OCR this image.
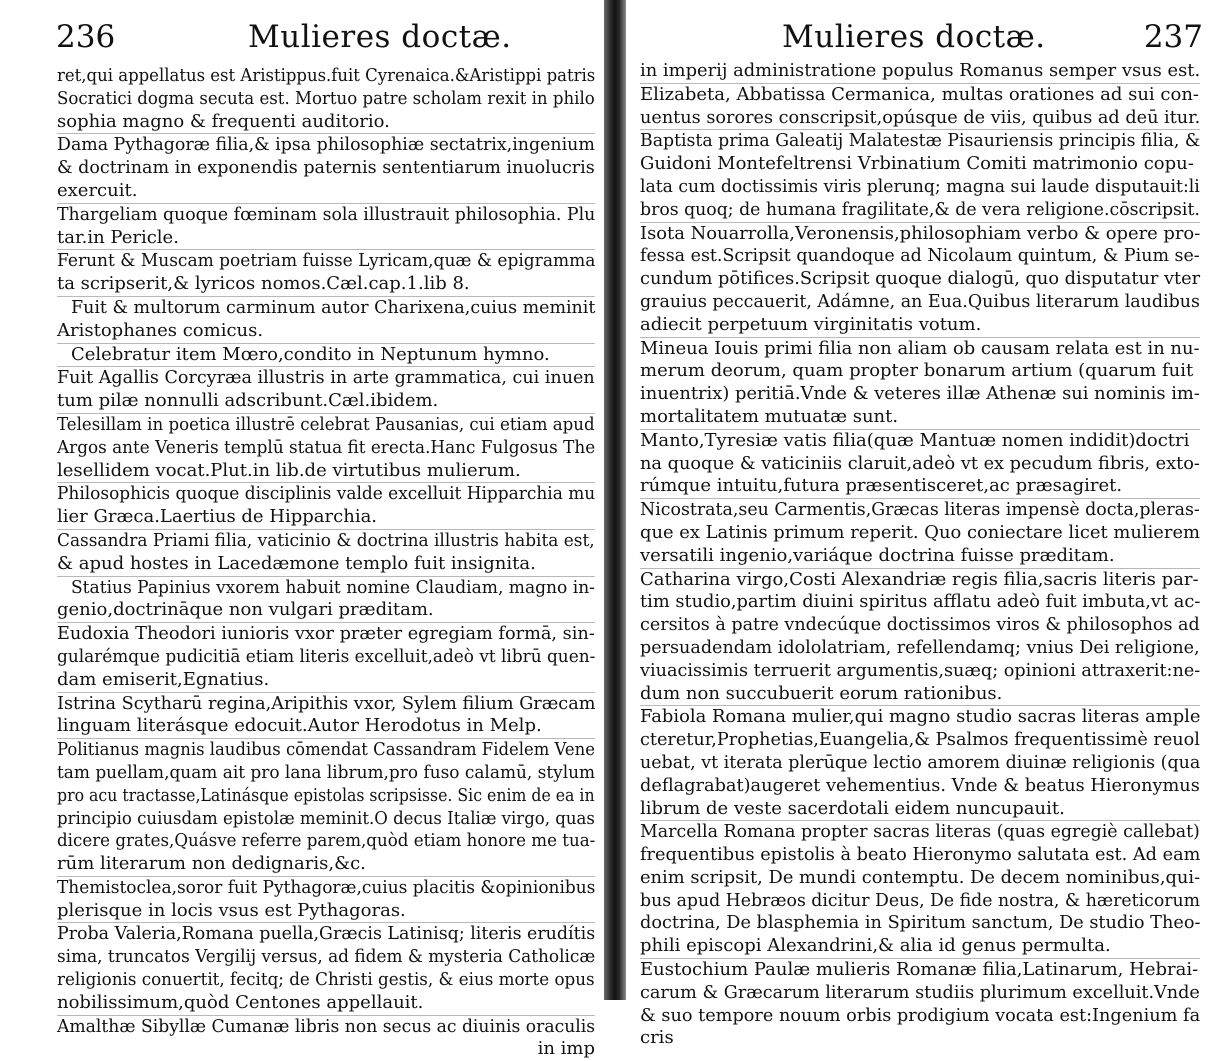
236	Mulieres doctæ.
ret,qui appellatus est Aristippus.fuit Cyrenaica.&Aristippi patris
Socratici dogma secuta est. Mortuo patre scholam rexit in philo
sophia magno & frequenti auditorio.
Dama Pythagoræ filia,& ipsa philosophiæ sectatrix,ingenium
& doctrinam in exponendis paternis sententiarum inuolucris
exercuit.
Thargeliam quoque fœminam sola illustrauit philosophia. Plu
tar.in Pericle.
Ferunt & Muscam poetriam fuisse Lyricam,quæ & epigramma
ta scripserit,& lyricos nomos.Cæl.cap.1.lib 8.
Fuit & multorum carminum autor Charixena,cuius meminit
Aristophanes comicus.
Celebratur item Mœro,condito in Neptunum hymno.
Fuit Agallis Corcyræa illustris in arte grammatica, cui inuen
tum pilæ nonnulli adscribunt.Cæl.ibidem.
Telesillam in poetica illustrē celebrat Pausanias, cui etiam apud
Argos ante Veneris templū statua fit erecta.Hanc Fulgosus The
lesellidem vocat.Plut.in lib.de virtutibus mulierum.
Philosophicis quoque disciplinis valde excelluit Hipparchia mu
lier Græca.Laertius de Hipparchia.
Cassandra Priami filia, vaticinio & doctrina illustris habita est,
& apud hostes in Lacedæmone templo fuit insignita.
Statius Papinius vxorem habuit nomine Claudiam, magno in-
genio,doctrināque non vulgari præditam.
Eudoxia Theodori iunioris vxor præter egregiam formā, sin-
gularémque pudicitiā etiam literis excelluit,adeò vt librū quen-
dam emiserit,Egnatius.
Istrina Scytharū regina,Aripithis vxor, Sylem filium Græcam
linguam literásque edocuit.Autor Herodotus in Melp.
Politianus magnis laudibus cōmendat Cassandram Fidelem Vene
tam puellam,quam ait pro lana librum,pro fuso calamū, stylum
pro acu tractasse,Latinásque epistolas scripsisse. Sic enim de ea in
principio cuiusdam epistolæ meminit.O decus Italiæ virgo, quas
dicere grates,Quásve referre parem,quòd etiam honore me tua-
rūm literarum non dedignaris,&c.
Themistoclea,soror fuit Pythagoræ,cuius placitis &opinionibus
plerisque in locis vsus est Pythagoras.
Proba Valeria,Romana puella,Græcis Latinisq; literis erudítis
sima, truncatos Vergilij versus, ad fidem & mysteria Catholicæ
religionis conuertit, fecitq; de Christi gestis, & eius morte opus
nobilissimum,quòd Centones appellauit.
Amalthæ Sibyllæ Cumanæ libris non secus ac diuinis oraculis
in imp
Mulieres doctæ.	237
in imperij administratione populus Romanus semper vsus est.
Elizabeta, Abbatissa Cermanica, multas orationes ad sui con-
uentus sorores conscripsit,opúsque de viis, quibus ad deū itur.
Baptista prima Galeatij Malatestæ Pisauriensis principis filia, &
Guidoni Montefeltrensi Vrbinatium Comiti matrimonio copu-
lata cum doctissimis viris plerunq; magna sui laude disputauit:li
bros quoq; de humana fragilitate,& de vera religione.cōscripsit.
Isota Nouarrolla,Veronensis,philosophiam verbo & opere pro-
fessa est.Scripsit quandoque ad Nicolaum quintum, & Pium se-
cundum pōtifices.Scripsit quoque dialogū, quo disputatur vter
grauius peccauerit, Adámne, an Eua.Quibus literarum laudibus
adiecit perpetuum virginitatis votum.
Mineua Iouis primi filia non aliam ob causam relata est in nu-
merum deorum, quam propter bonarum artium (quarum fuit
inuentrix) peritiā.Vnde & veteres illæ Athenæ sui nominis im-
mortalitatem mutuatæ sunt.
Manto,Tyresiæ vatis filia(quæ Mantuæ nomen indidit)doctri
na quoque & vaticiniis claruit,adeò vt ex pecudum fibris, exto-
rúmque intuitu,futura præsentisceret,ac præsagiret.
Nicostrata,seu Carmentis,Græcas literas impensè docta,pleras-
que ex Latinis primum reperit. Quo coniectare licet mulierem
versatili ingenio,variáque doctrina fuisse præditam.
Catharina virgo,Costi Alexandriæ regis filia,sacris literis par-
tim studio,partim diuini spiritus afflatu adeò fuit imbuta,vt ac-
cersitos à patre vndecúque doctissimos viros & philosophos ad
persuadendam idololatriam, refellendamq; vnius Dei religione,
viuacissimis terruerit argumentis,suæq; opinioni attraxerit:ne-
dum non succubuerit eorum rationibus.
Fabiola Romana mulier,qui magno studio sacras literas ample
cteretur,Prophetias,Euangelia,& Psalmos frequentissimè reuol
uebat, vt iterata plerūque lectio amorem diuinæ religionis (qua
deflagrabat)augeret vehementius. Vnde & beatus Hieronymus
librum de veste sacerdotali eidem nuncupauit.
Marcella Romana propter sacras literas (quas egregiè callebat)
frequentibus epistolis à beato Hieronymo salutata est. Ad eam
enim scripsit, De mundi contemptu. De decem nominibus,qui-
bus apud Hebræos dicitur Deus, De fide nostra, & hæreticorum
doctrina, De blasphemia in Spiritum sanctum, De studio Theo-
phili episcopi Alexandrini,& alia id genus permulta.
Eustochium Paulæ mulieris Romanæ filia,Latinarum, Hebrai-
carum & Græcarum literarum studiis plurimum excelluit.Vnde
& suo tempore nouum orbis prodigium vocata est:Ingenium fa
cris
